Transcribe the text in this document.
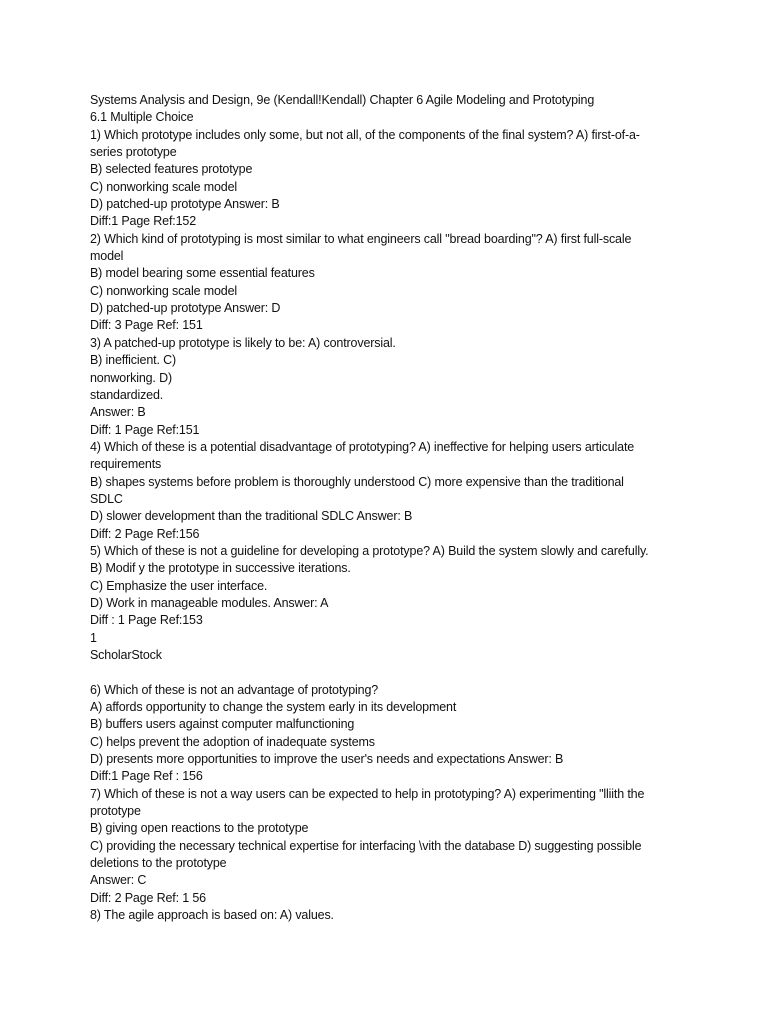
Systems Analysis and Design, 9e (Kendall!Kendall) Chapter 6 Agile Modeling and Prototyping
6.1 Multiple Choice
1) Which prototype includes only some, but not all, of the components of the final system? A) first-of-a-
series prototype
B) selected features prototype
C) nonworking scale model
D) patched-up prototype Answer: B
Diff:1 Page Ref:152
2) Which kind of prototyping is most similar to what engineers call "bread boarding"? A) first full-scale
model
B) model bearing some essential features
C) nonworking scale model
D) patched-up prototype Answer: D
Diff: 3 Page Ref: 151
3) A patched-up prototype is likely to be: A) controversial.
B) inefficient. C)
nonworking. D)
standardized.
Answer: B
Diff: 1 Page Ref:151
4) Which of these is a potential disadvantage of prototyping? A) ineffective for helping users articulate
requirements
B) shapes systems before problem is thoroughly understood C) more expensive than the traditional
SDLC
D) slower development than the traditional SDLC Answer: B
Diff: 2 Page Ref:156
5) Which of these is not a guideline for developing a prototype? A) Build the system slowly and carefully.
B) Modif y the prototype in successive iterations.
C) Emphasize the user interface.
D) Work in manageable modules. Answer: A
Diff : 1 Page Ref:153
1
ScholarStock
6) Which of these is not an advantage of prototyping?
A) affords opportunity to change the system early in its development
B) buffers users against computer malfunctioning
C) helps prevent the adoption of inadequate systems
D) presents more opportunities to improve the user's needs and expectations Answer: B
Diff:1 Page Ref : 156
7) Which of these is not a way users can be expected to help in prototyping? A) experimenting "lliith the
prototype
B) giving open reactions to the prototype
C) providing the necessary technical expertise for interfacing \vith the database D) suggesting possible
deletions to the prototype
Answer: C
Diff: 2 Page Ref: 1 56
8) The agile approach is based on: A) values.
